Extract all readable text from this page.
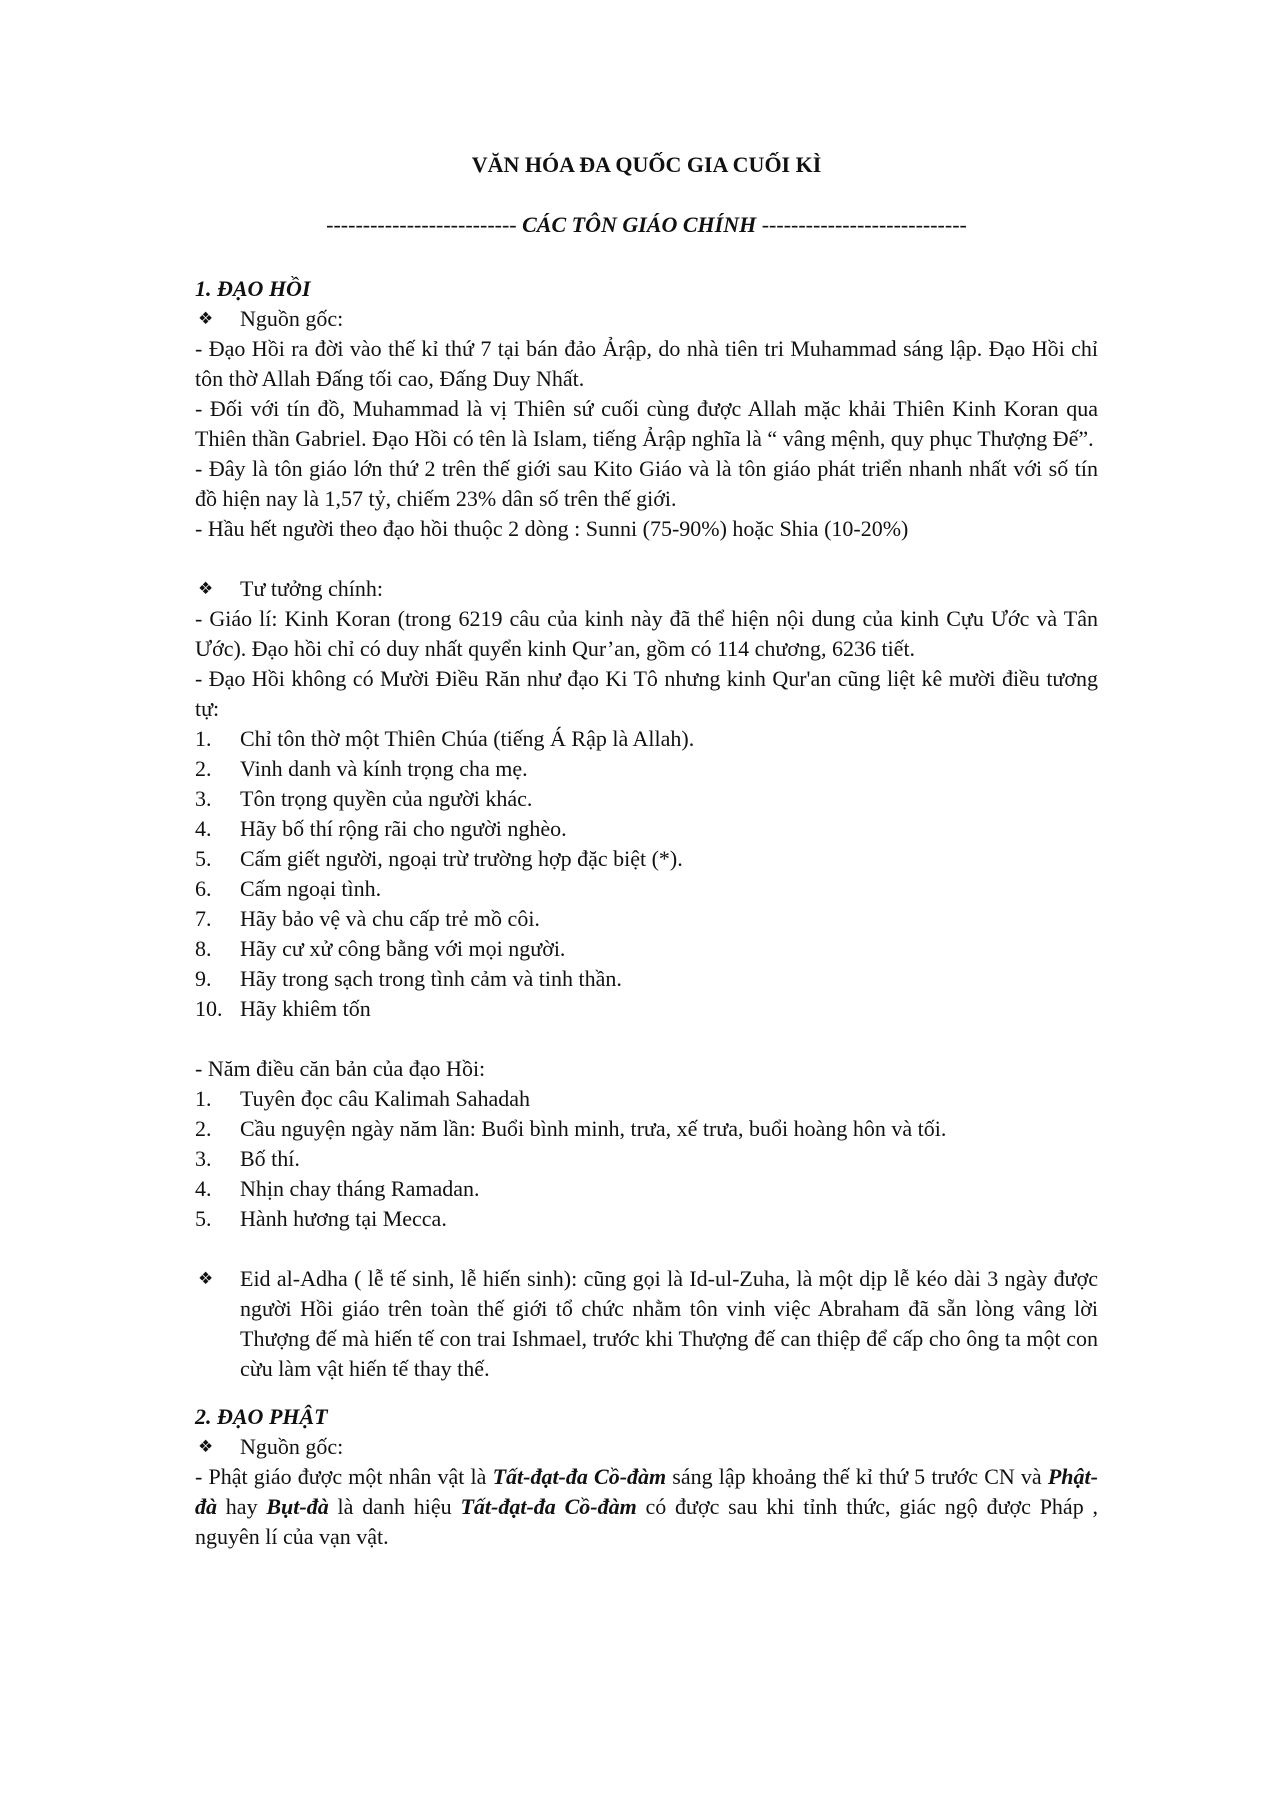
VĂN HÓA ĐA QUỐC GIA CUỐI KÌ
-------------------------- CÁC TÔN GIÁO CHÍNH ----------------------------
1. ĐẠO HỒI
❖	Nguồn gốc:

- Đạo Hồi ra đời vào thế kỉ thứ 7 tại bán đảo Ảrập, do nhà tiên tri Muhammad sáng lập. Đạo Hồi chỉ tôn thờ Allah Đấng tối cao, Đấng Duy Nhất.

- Đối với tín đồ, Muhammad là vị Thiên sứ cuối cùng được Allah mặc khải Thiên Kinh Koran qua Thiên thần Gabriel. Đạo Hồi có tên là Islam, tiếng Ảrập nghĩa là “ vâng mệnh, quy phục Thượng Đế”.

- Đây là tôn giáo lớn thứ 2 trên thế giới sau Kito Giáo và là tôn giáo phát triển nhanh nhất với số tín đồ hiện nay là 1,57 tỷ, chiếm 23% dân số trên thế giới.

- Hầu hết người theo đạo hồi thuộc 2 dòng : Sunni (75-90%) hoặc Shia (10-20%)

❖	Tư tưởng chính:

- Giáo lí: Kinh Koran (trong 6219 câu của kinh này đã thể hiện nội dung của kinh Cựu Ước và Tân Ước). Đạo hồi chỉ có duy nhất quyển kinh Qur’an, gồm có 114 chương, 6236 tiết.

- Đạo Hồi không có Mười Điều Răn như đạo Ki Tô nhưng kinh Qur'an cũng liệt kê mười điều tương tự:

1.	Chỉ tôn thờ một Thiên Chúa (tiếng Á Rập là Allah).
2.	Vinh danh và kính trọng cha mẹ.
3.	Tôn trọng quyền của người khác.
4.	Hãy bố thí rộng rãi cho người nghèo.
5.	Cấm giết người, ngoại trừ trường hợp đặc biệt (*).
6.	Cấm ngoại tình.
7.	Hãy bảo vệ và chu cấp trẻ mồ côi.
8.	Hãy cư xử công bằng với mọi người.
9.	Hãy trong sạch trong tình cảm và tinh thần.
10. Hãy khiêm tốn

- Năm điều căn bản của đạo Hồi:

1.	Tuyên đọc câu Kalimah Sahadah
2.	Cầu nguyện ngày năm lần: Buổi bình minh, trưa, xế trưa, buổi hoàng hôn và tối.
3.	Bố thí.
4.	Nhịn chay tháng Ramadan.
5.	Hành hương tại Mecca.
❖	Eid al-Adha ( lễ tế sinh, lễ hiến sinh): cũng gọi là Id-ul-Zuha, là một dịp lễ kéo dài 3 ngày được người Hồi giáo trên toàn thế giới tổ chức nhằm tôn vinh việc Abraham đã sẵn lòng vâng lời Thượng đế mà hiến tế con trai Ishmael, trước khi Thượng đế can thiệp để cấp cho ông ta một con cừu làm vật hiến tế thay thế.
2. ĐẠO PHẬT
❖	Nguồn gốc:

- Phật giáo được một nhân vật là Tất-đạt-đa Cồ-đàm sáng lập khoảng thế kỉ thứ 5 trước CN và Phật-đà hay Bụt-đà là danh hiệu Tất-đạt-đa Cồ-đàm có được sau khi tỉnh thức, giác ngộ được Pháp , nguyên lí của vạn vật.
